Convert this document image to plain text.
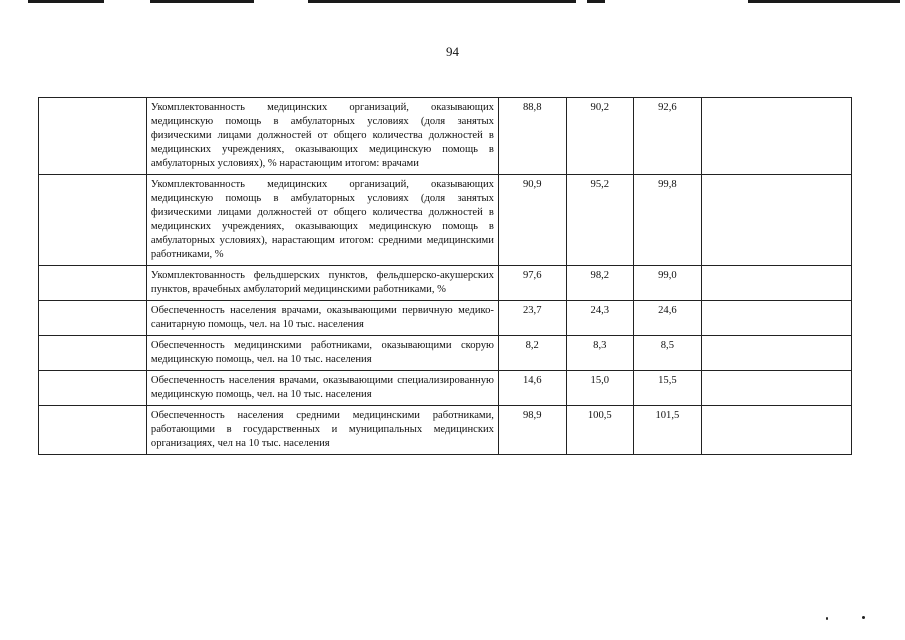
94
	Укомплектованность медицинских организаций, оказывающих медицинскую помощь в амбулаторных условиях (доля занятых физическими лицами должностей от общего количества должностей в медицинских учреждениях, оказывающих медицинскую помощь в амбулаторных условиях), % нарастающим итогом: врачами	88,8	90,2	92,6	
	Укомплектованность медицинских организаций, оказывающих медицинскую помощь в амбулаторных условиях (доля занятых физическими лицами должностей от общего количества должностей в медицинских учреждениях, оказывающих медицинскую помощь в амбулаторных условиях), нарастающим итогом: средними медицинскими работниками, %	90,9	95,2	99,8	
	Укомплектованность фельдшерских пунктов, фельдшерско-акушерских пунктов, врачебных амбулаторий медицинскими работниками, %	97,6	98,2	99,0	
	Обеспеченность населения врачами, оказывающими первичную медико-санитарную помощь, чел. на 10 тыс. населения	23,7	24,3	24,6	
	Обеспеченность медицинскими работниками, оказывающими скорую медицинскую помощь, чел. на 10 тыс. населения	8,2	8,3	8,5	
	Обеспеченность населения врачами, оказывающими специализированную медицинскую помощь, чел. на 10 тыс. населения	14,6	15,0	15,5	
	Обеспеченность населения средними медицинскими работниками, работающими в государственных и муниципальных медицинских организациях, чел на 10 тыс. населения	98,9	100,5	101,5	
